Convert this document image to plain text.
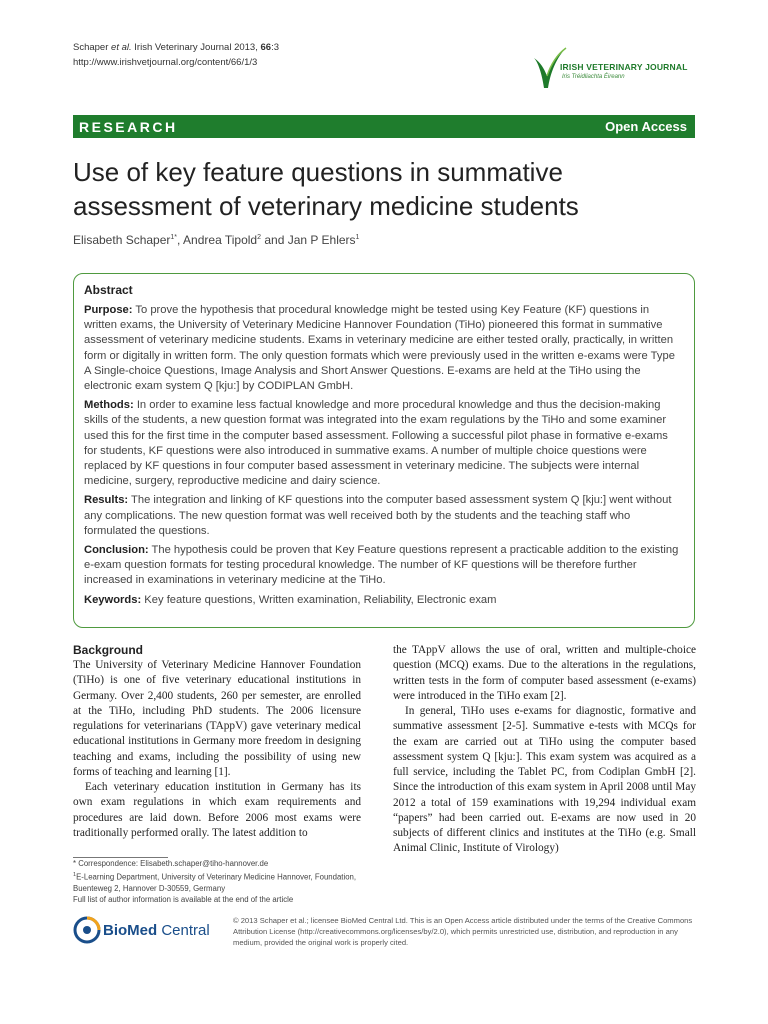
Schaper et al. Irish Veterinary Journal 2013, 66:3
http://www.irishvetjournal.org/content/66/1/3	IRISH VETERINARY JOURNAL
Iris Tréidliachta Éireann
RESEARCH	Open Access
Use of key feature questions in summative assessment of veterinary medicine students
Elisabeth Schaper$^{1*}$, Andrea Tipold$^2$ and Jan P Ehlers$^1$
Abstract

Purpose: To prove the hypothesis that procedural knowledge might be tested using Key Feature (KF) questions in written exams, the University of Veterinary Medicine Hannover Foundation (TiHo) pioneered this format in summative assessment of veterinary medicine students. Exams in veterinary medicine are either tested orally, practically, in written form or digitally in written form. The only question formats which were previously used in the written e-exams were Type A Single-choice Questions, Image Analysis and Short Answer Questions. E-exams are held at the TiHo using the electronic exam system Q [kju:] by CODIPLAN GmbH.

Methods: In order to examine less factual knowledge and more procedural knowledge and thus the decision-making skills of the students, a new question format was integrated into the exam regulations by the TiHo and some examiner used this for the first time in the computer based assessment. Following a successful pilot phase in formative e-exams for students, KF questions were also introduced in summative exams. A number of multiple choice questions were replaced by KF questions in four computer based assessment in veterinary medicine. The subjects were internal medicine, surgery, reproductive medicine and dairy science.

Results: The integration and linking of KF questions into the computer based assessment system Q [kju:] went without any complications. The new question format was well received both by the students and the teaching staff who formulated the questions.

Conclusion: The hypothesis could be proven that Key Feature questions represent a practicable addition to the existing e-exam question formats for testing procedural knowledge. The number of KF questions will be therefore further increased in examinations in veterinary medicine at the TiHo.

Keywords: Key feature questions, Written examination, Reliability, Electronic exam

Background

The University of Veterinary Medicine Hannover Foundation (TiHo) is one of five veterinary educational institutions in Germany. Over 2,400 students, 260 per semester, are enrolled at the TiHo, including PhD students. The 2006 licensure regulations for veterinarians (TAppV) gave veterinary medical educational institutions in Germany more freedom in designing teaching and exams, including the possibility of using new forms of teaching and learning [1].

Each veterinary education institution in Germany has its own exam regulations in which exam requirements and procedures are laid down. Before 2006 most exams were traditionally performed orally. The latest addition to

the TAppV allows the use of oral, written and multiple-choice question (MCQ) exams. Due to the alterations in the regulations, written tests in the form of computer based assessment (e-exams) were introduced in the TiHo exam [2].

In general, TiHo uses e-exams for diagnostic, formative and summative assessment [2-5]. Summative e-tests with MCQs for the exam are carried out at TiHo using the computer based assessment system Q [kju:]. This exam system was acquired as a full service, including the Tablet PC, from Codiplan GmbH [2]. Since the introduction of this exam system in April 2008 until May 2012 a total of 159 examinations with 19,294 individual exam “papers” had been carried out. E-exams are now used in 20 subjects of different clinics and institutes at the TiHo (e.g. Small Animal Clinic, Institute of Virology)

* Correspondence: Elisabeth.schaper@tiho-hannover.de
$^1$E-Learning Department, University of Veterinary Medicine Hannover, Foundation, Buenteweg 2, Hannover D-30559, Germany
Full list of author information is available at the end of the article
BioMed Central
© 2013 Schaper et al.; licensee BioMed Central Ltd. This is an Open Access article distributed under the terms of the Creative Commons Attribution License (http://creativecommons.org/licenses/by/2.0), which permits unrestricted use, distribution, and reproduction in any medium, provided the original work is properly cited.
